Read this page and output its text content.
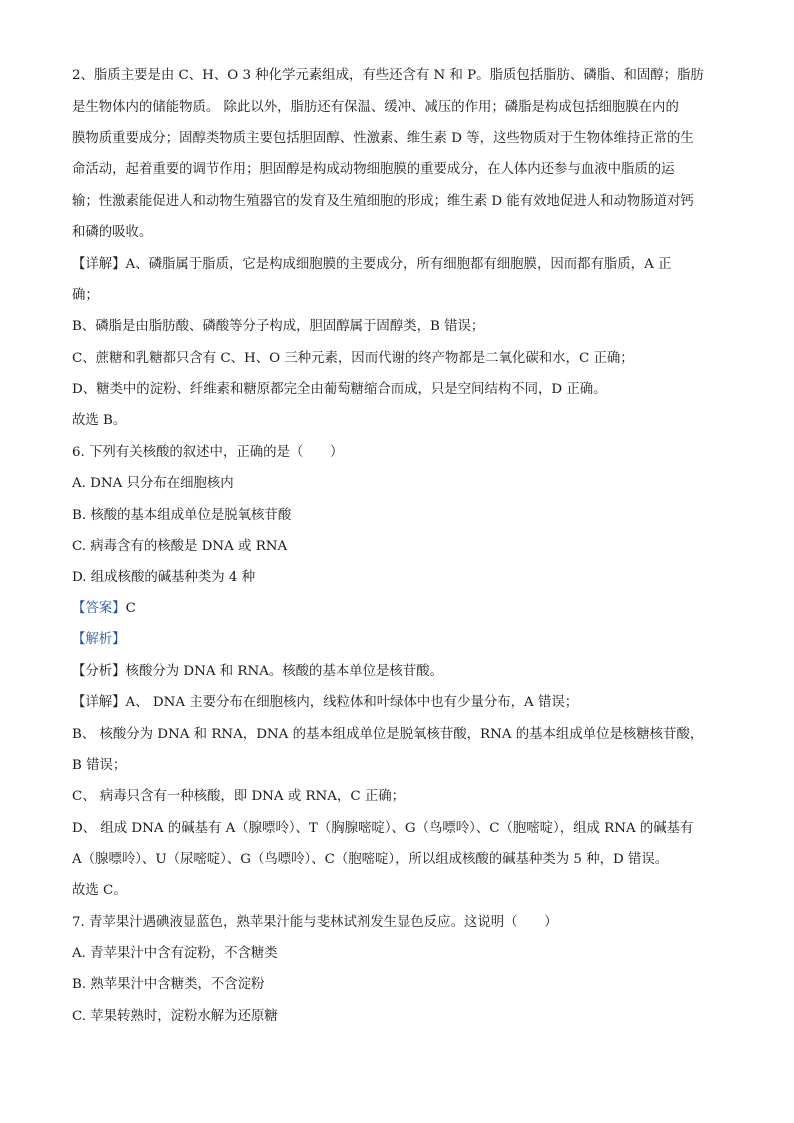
2、脂质主要是由 C、H、O 3 种化学元素组成，有些还含有 N 和 P。脂质包括脂肪、磷脂、和固醇；脂肪
是生物体内的储能物质。 除此以外，脂肪还有保温、缓冲、减压的作用；磷脂是构成包括细胞膜在内的
膜物质重要成分；固醇类物质主要包括胆固醇、性激素、维生素 D 等，这些物质对于生物体维持正常的生
命活动，起着重要的调节作用；胆固醇是构成动物细胞膜的重要成分，在人体内还参与血液中脂质的运
输；性激素能促进人和动物生殖器官的发育及生殖细胞的形成；维生素 D 能有效地促进人和动物肠道对钙
和磷的吸收。
【详解】A、磷脂属于脂质，它是构成细胞膜的主要成分，所有细胞都有细胞膜，因而都有脂质，A 正
确；
B、磷脂是由脂肪酸、磷酸等分子构成，胆固醇属于固醇类，B 错误；
C、蔗糖和乳糖都只含有 C、H、O 三种元素，因而代谢的终产物都是二氧化碳和水，C 正确；
D、糖类中的淀粉、纤维素和糖原都完全由葡萄糖缩合而成，只是空间结构不同，D 正确。
故选 B。
6. 下列有关核酸的叙述中，正确的是（　　）
A. DNA 只分布在细胞核内
B. 核酸的基本组成单位是脱氧核苷酸
C. 病毒含有的核酸是 DNA 或 RNA
D. 组成核酸的碱基种类为 4 种
【答案】C
【解析】
【分析】核酸分为 DNA 和 RNA。核酸的基本单位是核苷酸。
【详解】A、 DNA 主要分布在细胞核内，线粒体和叶绿体中也有少量分布，A 错误；
B、 核酸分为 DNA 和 RNA，DNA 的基本组成单位是脱氧核苷酸，RNA 的基本组成单位是核糖核苷酸，
B 错误；
C、 病毒只含有一种核酸，即 DNA 或 RNA，C 正确；
D、 组成 DNA 的碱基有 A（腺嘌呤）、T（胸腺嘧啶）、G（鸟嘌呤）、C（胞嘧啶），组成 RNA 的碱基有
A（腺嘌呤）、U（尿嘧啶）、G（鸟嘌呤）、C（胞嘧啶），所以组成核酸的碱基种类为 5 种，D 错误。
故选 C。
7. 青苹果汁遇碘液显蓝色，熟苹果汁能与斐林试剂发生显色反应。这说明（　　）
A. 青苹果汁中含有淀粉，不含糖类
B. 熟苹果汁中含糖类，不含淀粉
C. 苹果转熟时，淀粉水解为还原糖
